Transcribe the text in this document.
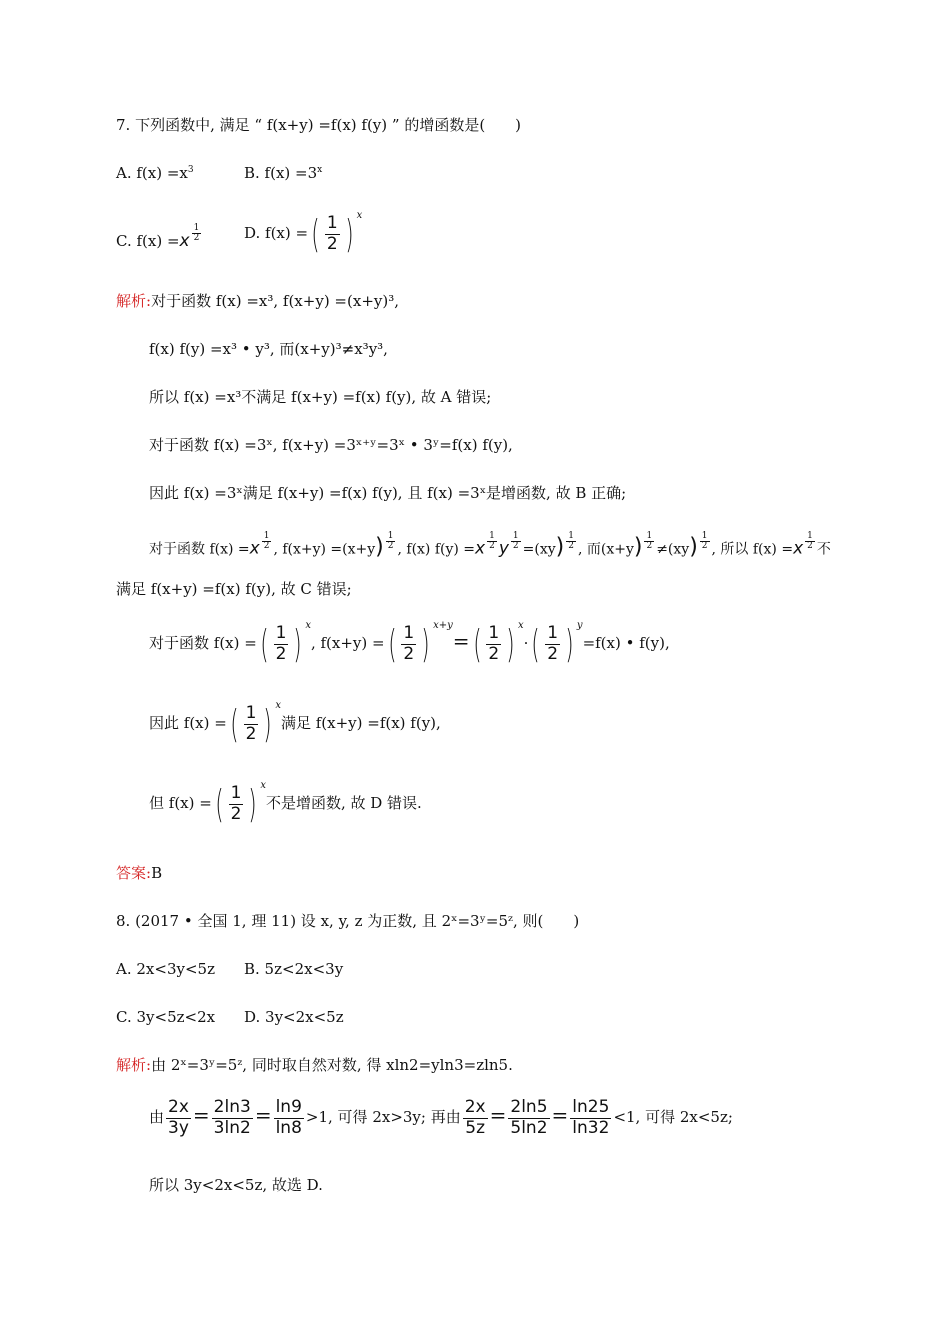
7. 下列函数中, 满足 “ f(x+y) =f(x) f(y) ” 的增函数是(　　)
A. $f(x) =x^3$	B. $f(x) =3^x$
C. $f(x) =x \frac{1}{2}$	D. f(x) =( $\frac{1}{2}$ ) x
解析:对于函数 f(x) =x³, f(x+y) =(x+y)³,
f(x) f(y) =x³ • y³, 而(x+y)³≠x³y³,
所以 f(x) =x³不满足 f(x+y) =f(x) f(y), 故 A 错误;
对于函数 f(x) =3ˣ, f(x+y) =3ˣ⁺ʸ=3ˣ • 3ʸ=f(x) f(y),
因此 f(x) =3ˣ满足 f(x+y) =f(x) f(y), 且 f(x) =3ˣ是增函数, 故 B 正确;
对于函数 $f(x) =x \frac{1}{2}$ , $f(x+y) =(x+y) \frac{1}{2}$ , f(x) $f(y) =x \frac{1}{2}$ y $\frac{1}{2} =(xy) \frac{1}{2}$ , 而$(x+y) \frac{1}{2} \ne(xy) \frac{1}{2}$ , 所以 $f(x) =x \frac{1}{2}$ 不
满足 f(x+y) =f(x) f(y), 故 C 错误;
对于函数 f(x) =( $\frac{1}{2}$ ) x, f(x+y) =( $\frac{1}{2}$ ) $x+y=( \frac{1}{2}$ ) $x\cdot( \frac{1}{2}$ ) y=f(x) • f(y),
因此 f(x) =( $\frac{1}{2}$ ) x满足 f(x+y) =f(x) f(y),
但 f(x) =( $\frac{1}{2}$ ) x不是增函数, 故 D 错误.
答案:B
8. (2017 • 全国 1, 理 11) 设 x, y, z 为正数, 且 2ˣ=3ʸ=5ᶻ, 则(　　)
A. 2x<3y<5z B. 5z<2x<3y
C. 3y<5z<2x D. 3y<2x<5z
解析:由 2ˣ=3ʸ=5ᶻ, 同时取自然对数, 得 xln2=yln3=zln5.
由 $\frac{2x}{3y} = \frac{2\ln 3}{3\ln 2} = \frac{\ln 9}{\ln 8} >1$, 可得 2x>3y; 再由 $\frac{2x}{5z} = \frac{2\ln 5}{5\ln 2} = \frac{\ln 25}{\ln 32} <1$, 可得 2x<5z;
所以 3y<2x<5z, 故选 D.
